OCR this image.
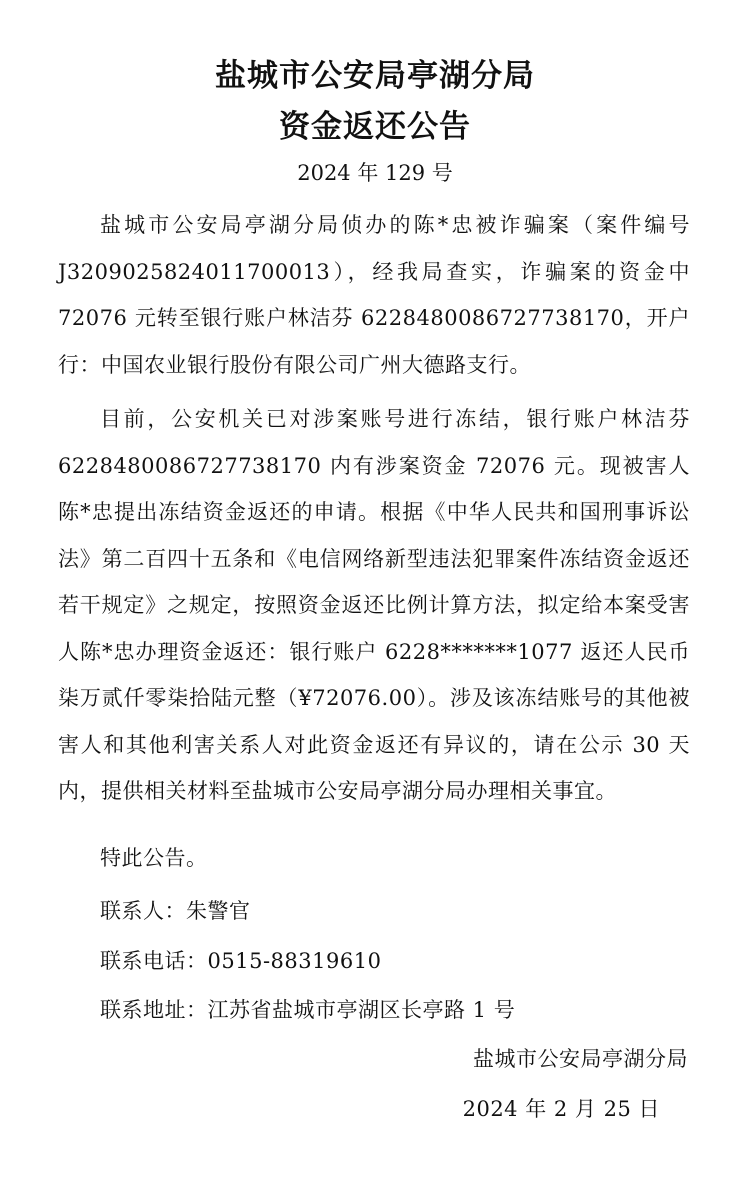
盐城市公安局亭湖分局
资金返还公告
2024 年 129 号

盐城市公安局亭湖分局侦办的陈*忠被诈骗案（案件编号J3209025824011700013），经我局查实，诈骗案的资金中 72076 元转至银行账户林洁芬 6228480086727738170，开户行：中国农业银行股份有限公司广州大德路支行。

目前，公安机关已对涉案账号进行冻结，银行账户林洁芬6228480086727738170 内有涉案资金 72076 元。现被害人陈*忠提出冻结资金返还的申请。根据《中华人民共和国刑事诉讼法》第二百四十五条和《电信网络新型违法犯罪案件冻结资金返还若干规定》之规定，按照资金返还比例计算方法，拟定给本案受害人陈*忠办理资金返还：银行账户 6228*******1077 返还人民币柒万贰仟零柒拾陆元整（¥72076.00）。涉及该冻结账号的其他被害人和其他利害关系人对此资金返还有异议的，请在公示 30 天内，提供相关材料至盐城市公安局亭湖分局办理相关事宜。

特此公告。
联系人：朱警官
联系电话：0515-88319610
联系地址：江苏省盐城市亭湖区长亭路 1 号
盐城市公安局亭湖分局
2024 年 2 月 25 日
